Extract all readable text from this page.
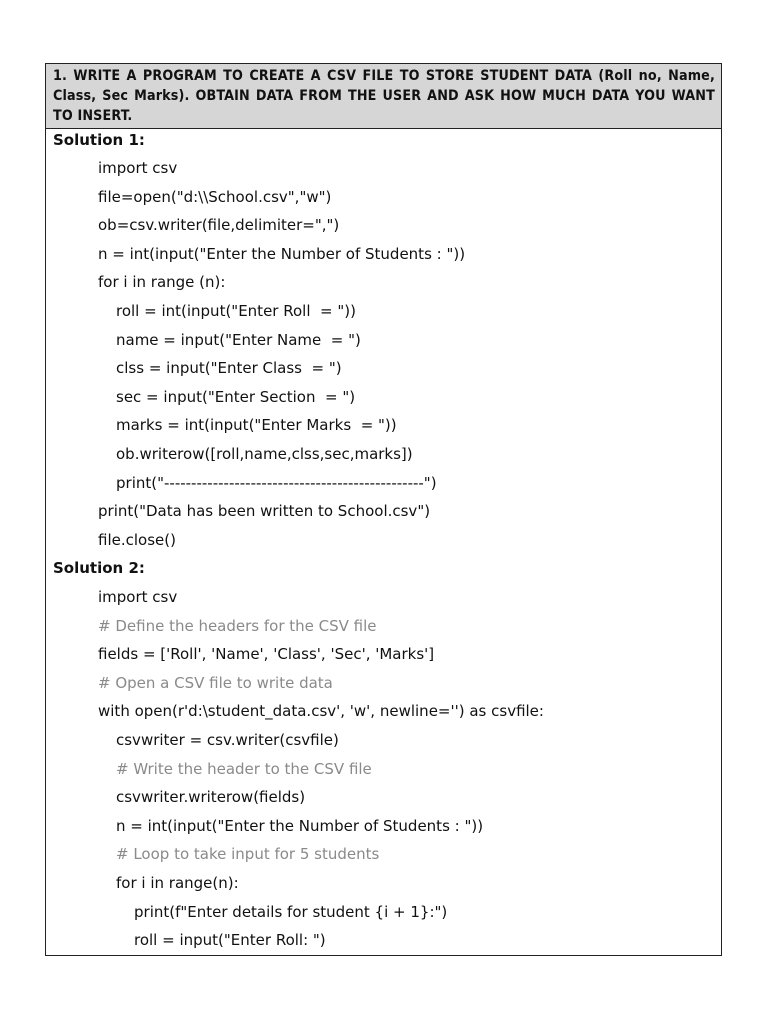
1. WRITE A PROGRAM TO CREATE A CSV FILE TO STORE STUDENT DATA (Roll no, Name, Class, Sec Marks). OBTAIN DATA FROM THE USER AND ASK HOW MUCH DATA YOU WANT TO INSERT.

Solution 1:
import csv
file=open("d:\\School.csv","w")
ob=csv.writer(file,delimiter=",")
n = int(input("Enter the Number of Students : "))
for i in range (n):
roll = int(input("Enter Roll  = "))
name = input("Enter Name  = ")
clss = input("Enter Class  = ")
sec = input("Enter Section  = ")
marks = int(input("Enter Marks  = "))
ob.writerow([roll,name,clss,sec,marks])
print("------------------------------------------------")
print("Data has been written to School.csv")
file.close()
Solution 2:
import csv
# Define the headers for the CSV file
fields = ['Roll', 'Name', 'Class', 'Sec', 'Marks']
# Open a CSV file to write data
with open(r'd:\student_data.csv', 'w', newline='') as csvfile:
csvwriter = csv.writer(csvfile)
# Write the header to the CSV file
csvwriter.writerow(fields)
n = int(input("Enter the Number of Students : "))
# Loop to take input for 5 students
for i in range(n):
print(f"Enter details for student {i + 1}:")
roll = input("Enter Roll: ")
